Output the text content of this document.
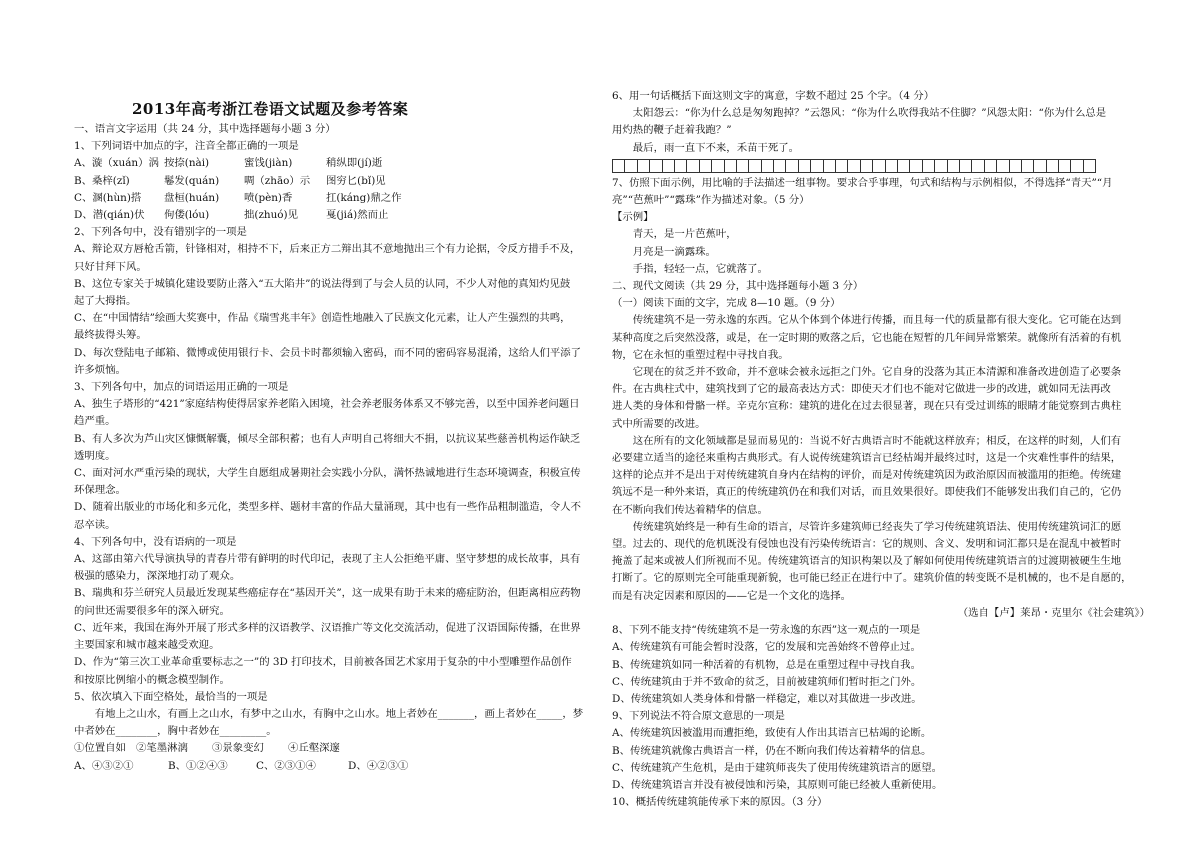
2013年高考浙江卷语文试题及参考答案
一、语言文字运用（共 24 分，其中选择题每小题 3 分）
1、下列词语中加点的字，注音全都正确的一项是
A、漩（xuán）涡 按捺(nài)	蜜饯(jiàn)	稍纵即(jí)逝
B、桑梓(zǐ)	鬈发(quán)	啁（zhāo）示	图穷匕(bǐ)见
C、溷(hùn)搭	盘桓(huán)	喷(pèn)香	扛(káng)鼎之作
D、潜(qián)伏	佝偻(lóu)	拙(zhuó)见	戛(jiá)然而止
2、下列各句中，没有错别字的一项是
A、辩论双方唇枪舌箭，针锋相对，相持不下，后来正方二辩出其不意地抛出三个有力论据，令反方措手不及，
只好甘拜下风。
B、这位专家关于城镇化建设要防止落入“五大陷井”的说法得到了与会人员的认同，不少人对他的真知灼见鼓
起了大拇指。
C、在“中国情结”绘画大奖赛中，作品《瑞雪兆丰年》创造性地融入了民族文化元素，让人产生强烈的共鸣，
最终拔得头筹。
D、每次登陆电子邮箱、微博或使用银行卡、会员卡时都须输入密码，而不同的密码容易混淆，这给人们平添了
许多烦恼。
3、下列各句中，加点的词语运用正确的一项是
A、独生子塔形的“421”家庭结构使得居家养老陷入困境，社会养老服务体系又不够完善，以至中国养老问题日
趋严重。
B、有人多次为芦山灾区慷慨解囊，倾尽全部积蓄；也有人声明自己将细大不捐，以抗议某些慈善机构运作缺乏
透明度。
C、面对河水严重污染的现状，大学生自愿组成暑期社会实践小分队，满怀热诚地进行生态环境调查，积极宣传
环保理念。
D、随着出版业的市场化和多元化，类型多样、题材丰富的作品大量涌现，其中也有一些作品粗制滥造，令人不
忍卒读。
4、下列各句中，没有语病的一项是
A、这部由第六代导演执导的青春片带有鲜明的时代印记，表现了主人公拒绝平庸、坚守梦想的成长故事，具有
极强的感染力，深深地打动了观众。
B、瑞典和芬兰研究人员最近发现某些癌症存在“基因开关”，这一成果有助于未来的癌症防治，但距离相应药物
的问世还需要很多年的深入研究。
C、近年来，我国在海外开展了形式多样的汉语教学、汉语推广等文化交流活动，促进了汉语国际传播，在世界
主要国家和城市越来越受欢迎。
D、作为“第三次工业革命重要标志之一”的 3D 打印技术，目前被各国艺术家用于复杂的中小型雕塑作品创作
和按原比例缩小的概念模型制作。
5、依次填入下面空格处，最恰当的一项是
有地上之山水，有画上之山水，有梦中之山水，有胸中之山水。地上者妙在_______，画上者妙在_____，梦
中者妙在________，胸中者妙在_________。
①位置自如 ②笔墨淋漓	③景象变幻	④丘壑深邃
A、④③②①	B、①②④③	C、②③①④	D、④②③①
6、用一句话概括下面这则文字的寓意，字数不超过 25 个字。（4 分）
太阳怨云：“你为什么总是匆匆跑掉？”云怨风：“你为什么吹得我站不住脚？”风怨太阳：“你为什么总是
用灼热的鞭子赶着我跑？”
最后，雨一直下不来，禾苗干死了。
7、仿照下面示例，用比喻的手法描述一组事物。要求合乎事理，句式和结构与示例相似，不得选择“青天”“月
亮”“芭蕉叶”“露珠”作为描述对象。（5 分）
【示例】
青天，是一片芭蕉叶，
月亮是一滴露珠。
手指，轻轻一点，它就落了。
二、现代文阅读（共 29 分，其中选择题每小题 3 分）
（一）阅读下面的文字，完成 8—10 题。（9 分）
传统建筑不是一劳永逸的东西。它从个体到个体进行传播，而且每一代的质量都有很大变化。它可能在达到
某种高度之后突然没落，或是，在一定时期的败落之后，它也能在短暂的几年间异常繁荣。就像所有活着的有机
物，它在永恒的重塑过程中寻找自我。
它现在的贫乏并不致命，并不意味会被永远拒之门外。它自身的没落为其正本清源和准备改进创造了必要条
件。在古典柱式中，建筑找到了它的最高表达方式：即使天才们也不能对它做进一步的改进，就如同无法再改
进人类的身体和骨骼一样。辛克尔宣称：建筑的进化在过去很显著，现在只有受过训练的眼睛才能觉察到古典柱
式中所需要的改进。
这在所有的文化领域都是显而易见的：当说不好古典语言时不能就这样放弃；相反，在这样的时刻，人们有
必要建立适当的途径来重构古典形式。有人说传统建筑语言已经枯竭并最终过时，这是一个灾难性事件的结果，
这样的论点并不是出于对传统建筑自身内在结构的评价，而是对传统建筑因为政治原因而被滥用的拒绝。传统建
筑远不是一种外来语，真正的传统建筑仍在和我们对话，而且效果很好。即使我们不能够发出我们自己的，它仍
在不断向我们传达着精华的信息。
传统建筑始终是一种有生命的语言，尽管许多建筑师已经丧失了学习传统建筑语法、使用传统建筑词汇的愿
望。过去的、现代的危机既没有侵蚀也没有污染传统语言：它的规则、含义、发明和词汇都只是在混乱中被暂时
掩盖了起来或被人们所视而不见。传统建筑语言的知识构架以及了解如何使用传统建筑语言的过渡期被硬生生地
打断了。它的原则完全可能重现新貌，也可能已经正在进行中了。建筑价值的转变既不是机械的，也不是自愿的，
而是有决定因素和原因的——它是一个文化的选择。
（选自【卢】莱昂・克里尔《社会建筑》）
8、下列不能支持“传统建筑不是一劳永逸的东西”这一观点的一项是
A、传统建筑有可能会暂时没落，它的发展和完善始终不曾停止过。
B、传统建筑如同一种活着的有机物，总是在重塑过程中寻找自我。
C、传统建筑由于并不致命的贫乏，目前被建筑师们暂时拒之门外。
D、传统建筑如人类身体和骨骼一样稳定，难以对其做进一步改进。
9、下列说法不符合原文意思的一项是
A、传统建筑因被滥用而遭拒绝，致使有人作出其语言已枯竭的论断。
B、传统建筑就像古典语言一样，仍在不断向我们传达着精华的信息。
C、传统建筑产生危机，是由于建筑师丧失了使用传统建筑语言的愿望。
D、传统建筑语言并没有被侵蚀和污染，其原则可能已经被人重新使用。
10、概括传统建筑能传承下来的原因。（3 分）
